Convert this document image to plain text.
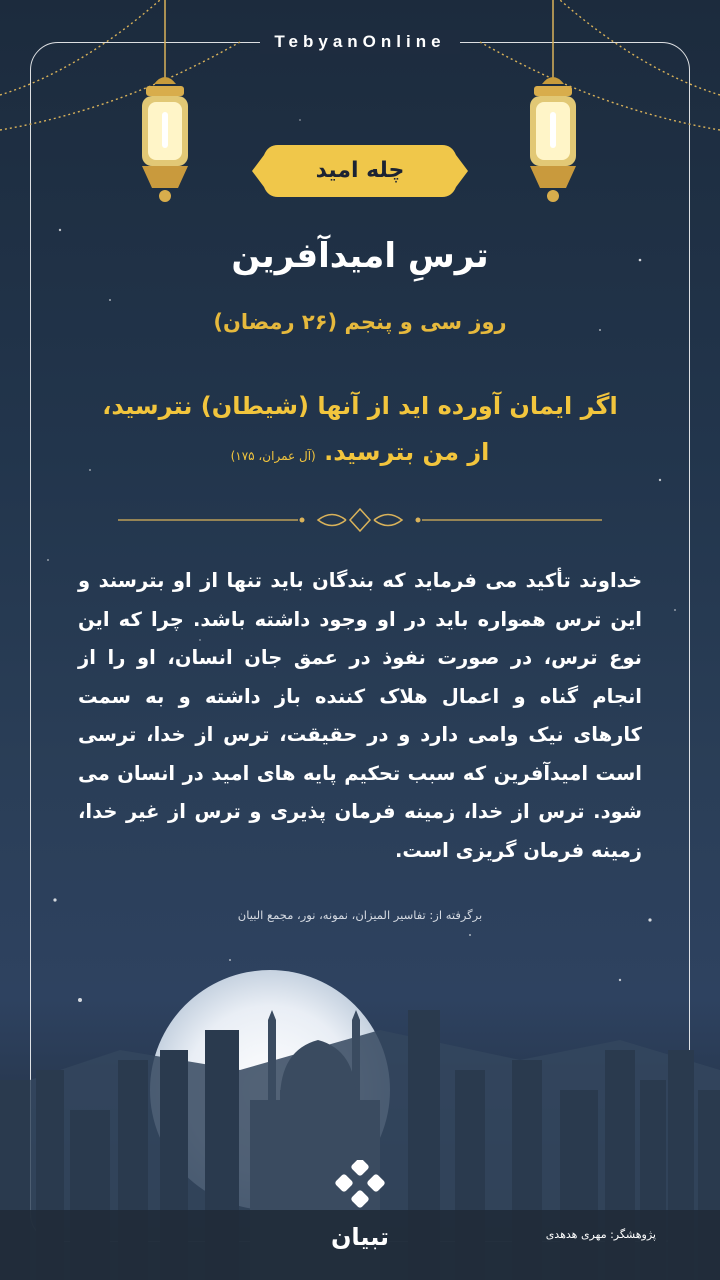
TebyanOnline
چله امید
ترسِ امیدآفرین
روز سی و پنجم (۲۶ رمضان)
اگر ایمان آورده اید از آنها (شیطان) نترسید،
از من بترسید. (آل عمران، ۱۷۵)
خداوند تأکید می فرماید که بندگان باید تنها از او بترسند و این ترس همواره باید در او وجود داشته باشد. چرا که این نوع ترس، در صورت نفوذ در عمق جان انسان، او را از انجام گناه و اعمال هلاک کننده باز داشته و به سمت کارهای نیک وامی دارد و در حقیقت، ترس از خدا، ترسی است امیدآفرین که سبب تحکیم پایه های امید در انسان می شود. ترس از خدا، زمینه فرمان پذیری و ترس از غیر خدا، زمینه فرمان گریزی است.
برگرفته از: تفاسیر المیزان، نمونه، نور، مجمع البیان
تبیان	پژوهشگر: مهری هدهدی
